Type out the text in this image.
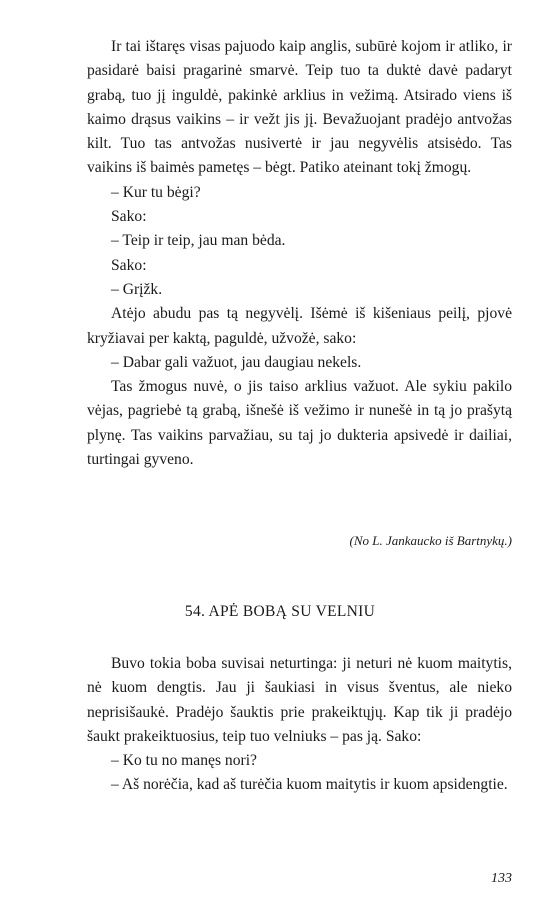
Ir tai ištaręs visas pajuodo kaip anglis, subūrė kojom ir atliko, ir pasidarė baisi pragarinė smarvė. Teip tuo ta duktė davė padaryt grabą, tuo jį inguldė, pakinkė arklius in vežimą. Atsirado viens iš kaimo drąsus vaikins – ir vežt jis jį. Bevažuojant pradėjo antvožas kilt. Tuo tas antvožas nusivertė ir jau negyvėlis atsisėdo. Tas vaikins iš baimės pametęs – bėgt. Patiko ateinant tokį žmogų.

– Kur tu bėgi?

Sako:

– Teip ir teip, jau man bėda.

Sako:

– Grįžk.

Atėjo abudu pas tą negyvėlį. Išėmė iš kišeniaus peilį, pjovė kryžiavai per kaktą, paguldė, užvožė, sako:

– Dabar gali važuot, jau daugiau nekels.

Tas žmogus nuvė, o jis taiso arklius važuot. Ale sykiu pakilo vėjas, pagriebė tą grabą, išnešė iš vežimo ir nunešė in tą jo prašytą plynę. Tas vaikins parvažiau, su taj jo dukteria apsivedė ir dailiai, turtingai gyveno.

(No L. Jankaucko iš Bartnykų.)
54. APĖ BOBĄ SU VELNIU

Buvo tokia boba suvisai neturtinga: ji neturi nė kuom maitytis, nė kuom dengtis. Jau ji šaukiasi in visus šventus, ale nieko neprisišaukė. Pradėjo šauktis prie prakeiktųjų. Kap tik ji pradėjo šaukt prakeiktuosius, teip tuo velniuks – pas ją. Sako:

– Ko tu no manęs nori?

– Aš norėčia, kad aš turėčia kuom maitytis ir kuom apsidengtie.

133
